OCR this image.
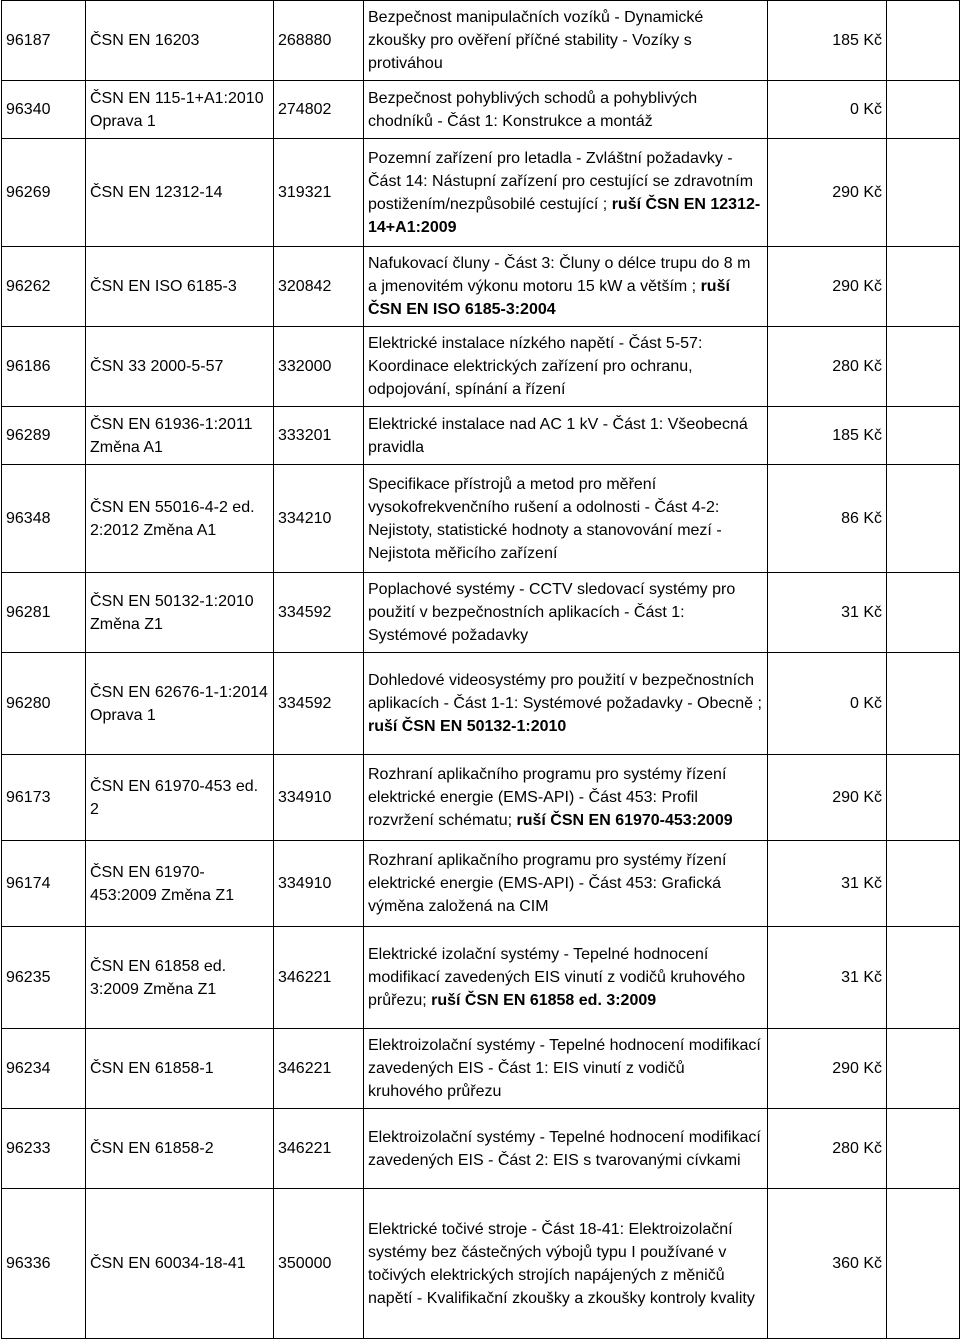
96187	ČSN EN 16203	268880	Bezpečnost manipulačních vozíků - Dynamické zkoušky pro ověření příčné stability - Vozíky s protiváhou	185 Kč	
96340	ČSN EN 115-1+A1:2010 Oprava 1	274802	Bezpečnost pohyblivých schodů a pohyblivých chodníků - Část 1: Konstrukce a montáž	0 Kč	
96269	ČSN EN 12312-14	319321	Pozemní zařízení pro letadla - Zvláštní požadavky - Část 14: Nástupní zařízení pro cestující se zdravotním postižením/nezpůsobilé cestující ; ruší ČSN EN 12312-14+A1:2009	290 Kč	
96262	ČSN EN ISO 6185-3	320842	Nafukovací čluny - Část 3: Čluny o délce trupu do 8 m a jmenovitém výkonu motoru 15 kW a větším ; ruší ČSN EN ISO 6185-3:2004	290 Kč	
96186	ČSN 33 2000-5-57	332000	Elektrické instalace nízkého napětí - Část 5-57: Koordinace elektrických zařízení pro ochranu, odpojování, spínání a řízení	280 Kč	
96289	ČSN EN 61936-1:2011 Změna A1	333201	Elektrické instalace nad AC 1 kV - Část 1: Všeobecná pravidla	185 Kč	
96348	ČSN EN 55016-4-2 ed. 2:2012 Změna A1	334210	Specifikace přístrojů a metod pro měření vysokofrekvenčního rušení a odolnosti - Část 4-2: Nejistoty, statistické hodnoty a stanovování mezí - Nejistota měřicího zařízení	86 Kč	
96281	ČSN EN 50132-1:2010 Změna Z1	334592	Poplachové systémy - CCTV sledovací systémy pro použití v bezpečnostních aplikacích - Část 1: Systémové požadavky	31 Kč	
96280	ČSN EN 62676-1-1:2014 Oprava 1	334592	Dohledové videosystémy pro použití v bezpečnostních aplikacích - Část 1-1: Systémové požadavky - Obecně ; ruší ČSN EN 50132-1:2010	0 Kč	
96173	ČSN EN 61970-453 ed. 2	334910	Rozhraní aplikačního programu pro systémy řízení elektrické energie (EMS-API) - Část 453: Profil rozvržení schématu; ruší ČSN EN 61970-453:2009	290 Kč	
96174	ČSN EN 61970-453:2009 Změna Z1	334910	Rozhraní aplikačního programu pro systémy řízení elektrické energie (EMS-API) - Část 453: Grafická výměna založená na CIM	31 Kč	
96235	ČSN EN 61858 ed. 3:2009 Změna Z1	346221	Elektrické izolační systémy - Tepelné hodnocení modifikací zavedených EIS vinutí z vodičů kruhového průřezu; ruší ČSN EN 61858 ed. 3:2009	31 Kč	
96234	ČSN EN 61858-1	346221	Elektroizolační systémy - Tepelné hodnocení modifikací zavedených EIS - Část 1: EIS vinutí z vodičů kruhového průřezu	290 Kč	
96233	ČSN EN 61858-2	346221	Elektroizolační systémy - Tepelné hodnocení modifikací zavedených EIS - Část 2: EIS s tvarovanými cívkami	280 Kč	
96336	ČSN EN 60034-18-41	350000	Elektrické točivé stroje - Část 18-41: Elektroizolační systémy bez částečných výbojů typu I používané v točivých elektrických strojích napájených z měničů napětí - Kvalifikační zkoušky a zkoušky kontroly kvality	360 Kč	
